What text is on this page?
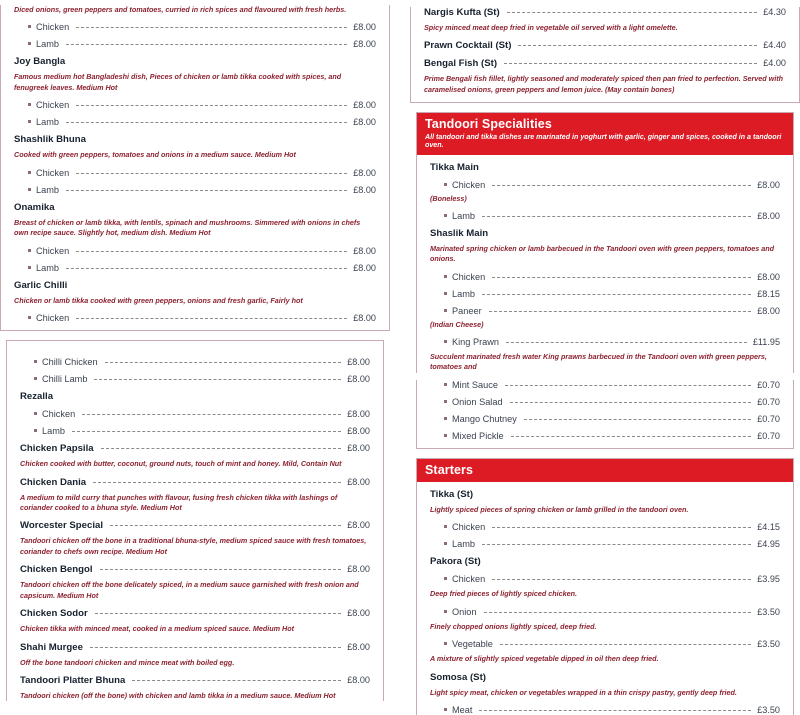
Diced onions, green peppers and tomatoes, curried in rich spices and flavoured with fresh herbs.
Chicken	£8.00
Lamb	£8.00
Joy Bangla
Famous medium hot Bangladeshi dish, Pieces of chicken or lamb tikka cooked with spices, and fenugreek leaves. Medium Hot
Chicken	£8.00
Lamb	£8.00
Shashlik Bhuna
Cooked with green peppers, tomatoes and onions in a medium sauce. Medium Hot
Chicken	£8.00
Lamb	£8.00
Onamika
Breast of chicken or lamb tikka, with lentils, spinach and mushrooms. Simmered with onions in chefs own recipe sauce. Slightly hot, medium dish. Medium Hot
Chicken	£8.00
Lamb	£8.00
Garlic Chilli
Chicken or lamb tikka cooked with green peppers, onions and fresh garlic, Fairly hot
Chicken	£8.00
Chilli Chicken	£8.00
Chilli Lamb	£8.00
Rezalla
Chicken	£8.00
Lamb	£8.00
Chicken Papsila	£8.00
Chicken cooked with butter, coconut, ground nuts, touch of mint and honey. Mild, Contain Nut
Chicken Dania	£8.00
A medium to mild curry that punches with flavour, fusing fresh chicken tikka with lashings of coriander cooked to a bhuna style. Medium Hot
Worcester Special	£8.00
Tandoori chicken off the bone in a traditional bhuna-style, medium spiced sauce with fresh tomatoes, coriander to chefs own recipe. Medium Hot
Chicken Bengol	£8.00
Tandoori chicken off the bone delicately spiced, in a medium sauce garnished with fresh onion and capsicum. Medium Hot
Chicken Sodor	£8.00
Chicken tikka with minced meat, cooked in a medium spiced sauce. Medium Hot
Shahi Murgee	£8.00
Off the bone tandoori chicken and mince meat with boiled egg.
Tandoori Platter Bhuna	£8.00
Tandoori chicken (off the bone) with chicken and lamb tikka in a medium sauce. Medium Hot
Nargis Kufta (St)	£4.30
Spicy minced meat deep fried in vegetable oil served with a light omelette.
Prawn Cocktail (St)	£4.40
Bengal Fish (St)	£4.00
Prime Bengali fish fillet, lightly seasoned and moderately spiced then pan fried to perfection. Served with caramelised onions, green peppers and lemon juice. (May contain bones)
Tandoori Specialities
All tandoori and tikka dishes are marinated in yoghurt with garlic, ginger and spices, cooked in a tandoori oven.
Tikka Main
Chicken	£8.00
(Boneless)
Lamb	£8.00
Shaslik Main
Marinated spring chicken or lamb barbecued in the Tandoori oven with green peppers, tomatoes and onions.
Chicken	£8.00
Lamb	£8.15
Paneer	£8.00
(Indian Cheese)
King Prawn	£11.95
Succulent marinated fresh water King prawns barbecued in the Tandoori oven with green peppers, tomatoes and
Mint Sauce	£0.70
Onion Salad	£0.70
Mango Chutney	£0.70
Mixed Pickle	£0.70
Starters
Tikka (St)
Lightly spiced pieces of spring chicken or lamb grilled in the tandoori oven.
Chicken	£4.15
Lamb	£4.95
Pakora (St)
Chicken	£3.95
Deep fried pieces of lightly spiced chicken.
Onion	£3.50
Finely chopped onions lightly spiced, deep fried.
Vegetable	£3.50
A mixture of slightly spiced vegetable dipped in oil then deep fried.
Somosa (St)
Light spicy meat, chicken or vegetables wrapped in a thin crispy pastry, gently deep fried.
Meat	£3.50
